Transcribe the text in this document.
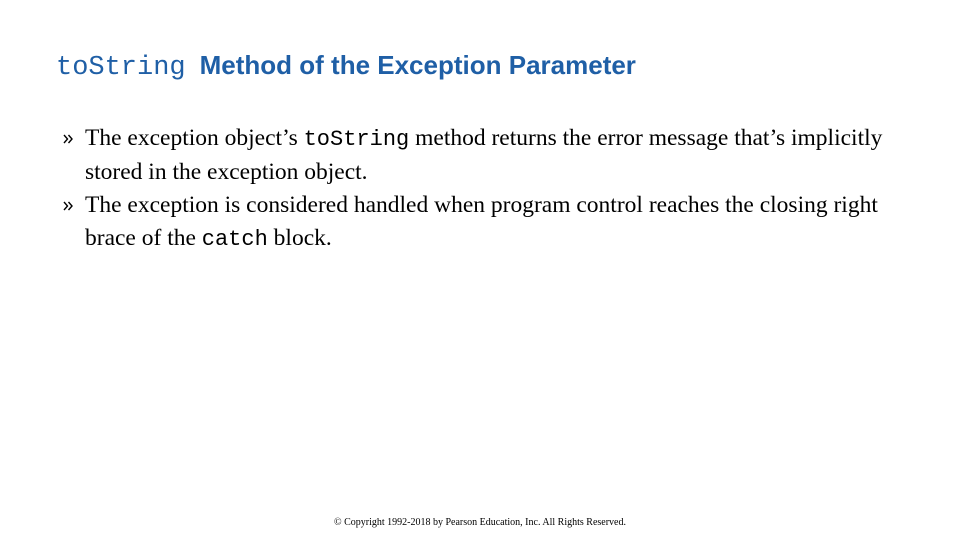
toString Method of the Exception Parameter
The exception object’s toString method returns the error message that’s implicitly stored in the exception object.
The exception is considered handled when program control reaches the closing right brace of the catch block.
© Copyright 1992-2018 by Pearson Education, Inc. All Rights Reserved.
